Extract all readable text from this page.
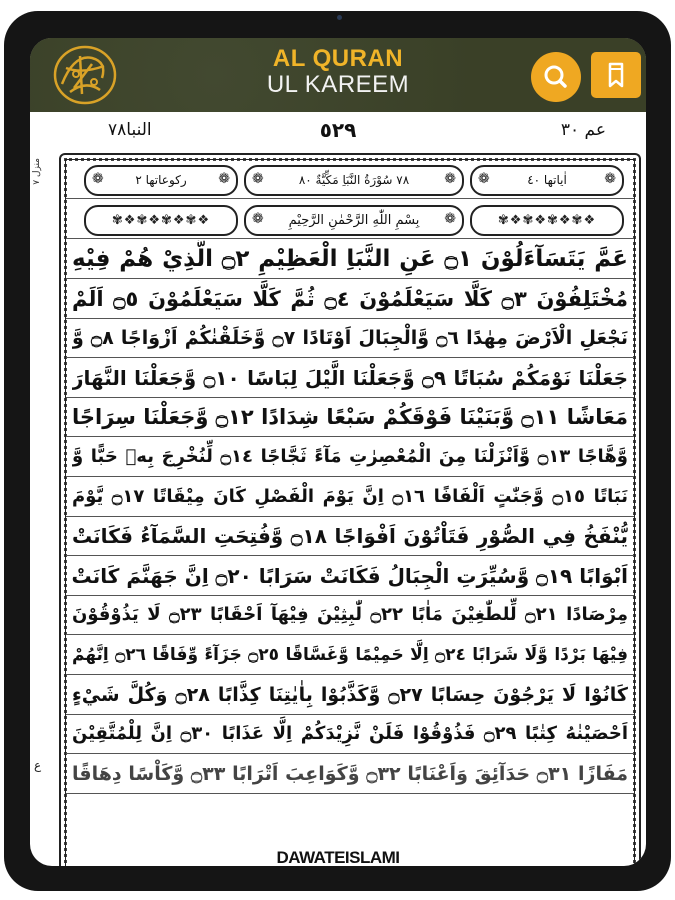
AL QURAN
UL KAREEM
النبا٧٨	٥٢٩	عم ٣٠
منزل ۷
ع
❁ اٰیاتها ٤٠ ❁
❁ ٧٨ سُوْرَةُ النَّبَاِ مَكِّيَّةٌ ٨٠ ❁
❁ رکوعاتها ٢ ❁
❖✾❖✾❖✾❖✾
❁ بِسْمِ اللّٰهِ الرَّحْمٰنِ الرَّحِيْمِ ❁
❖✾❖✾❖✾❖✾
عَمَّ يَتَسَآءَلُوْنَ ۝١ عَنِ النَّبَاِ الْعَظِيْمِ ۝٢ الَّذِيْ هُمْ فِيْهِ
مُخْتَلِفُوْنَ ۝٣ كَلَّا سَيَعْلَمُوْنَ ۝٤ ثُمَّ كَلَّا سَيَعْلَمُوْنَ ۝٥ اَلَمْ
نَجْعَلِ الْاَرْضَ مِهٰدًا ۝٦ وَّالْجِبَالَ اَوْتَادًا ۝٧ وَّخَلَقْنٰكُمْ اَزْوَاجًا ۝٨ وَّ
جَعَلْنَا نَوْمَكُمْ سُبَاتًا ۝٩ وَّجَعَلْنَا الَّيْلَ لِبَاسًا ۝١٠ وَّجَعَلْنَا النَّهَارَ
مَعَاشًا ۝١١ وَّبَنَيْنَا فَوْقَكُمْ سَبْعًا شِدَادًا ۝١٢ وَّجَعَلْنَا سِرَاجًا
وَّهَّاجًا ۝١٣ وَّاَنْزَلْنَا مِنَ الْمُعْصِرٰتِ مَآءً ثَجَّاجًا ۝١٤ لِّنُخْرِجَ بِهٖ حَبًّا وَّ
نَبَاتًا ۝١٥ وَّجَنّٰتٍ اَلْفَافًا ۝١٦ اِنَّ يَوْمَ الْفَصْلِ كَانَ مِيْقَاتًا ۝١٧ يَّوْمَ
يُّنْفَخُ فِي الصُّوْرِ فَتَاْتُوْنَ اَفْوَاجًا ۝١٨ وَّفُتِحَتِ السَّمَآءُ فَكَانَتْ
اَبْوَابًا ۝١٩ وَّسُيِّرَتِ الْجِبَالُ فَكَانَتْ سَرَابًا ۝٢٠ اِنَّ جَهَنَّمَ كَانَتْ
مِرْصَادًا ۝٢١ لِّلطّٰغِيْنَ مَاٰبًا ۝٢٢ لّٰبِثِيْنَ فِيْهَآ اَحْقَابًا ۝٢٣ لَا يَذُوْقُوْنَ
فِيْهَا بَرْدًا وَّلَا شَرَابًا ۝٢٤ اِلَّا حَمِيْمًا وَّغَسَّاقًا ۝٢٥ جَزَآءً وِّفَاقًا ۝٢٦ اِنَّهُمْ
كَانُوْا لَا يَرْجُوْنَ حِسَابًا ۝٢٧ وَّكَذَّبُوْا بِاٰيٰتِنَا كِذَّابًا ۝٢٨ وَكُلَّ شَيْءٍ
اَحْصَيْنٰهُ كِتٰبًا ۝٢٩ فَذُوْقُوْا فَلَنْ نَّزِيْدَكُمْ اِلَّا عَذَابًا ۝٣٠ اِنَّ لِلْمُتَّقِيْنَ
مَفَازًا ۝٣١ حَدَآئِقَ وَاَعْنَابًا ۝٣٢ وَّكَوَاعِبَ اَتْرَابًا ۝٣٣ وَّكَاْسًا دِهَاقًا
DAWATEISLAMI
